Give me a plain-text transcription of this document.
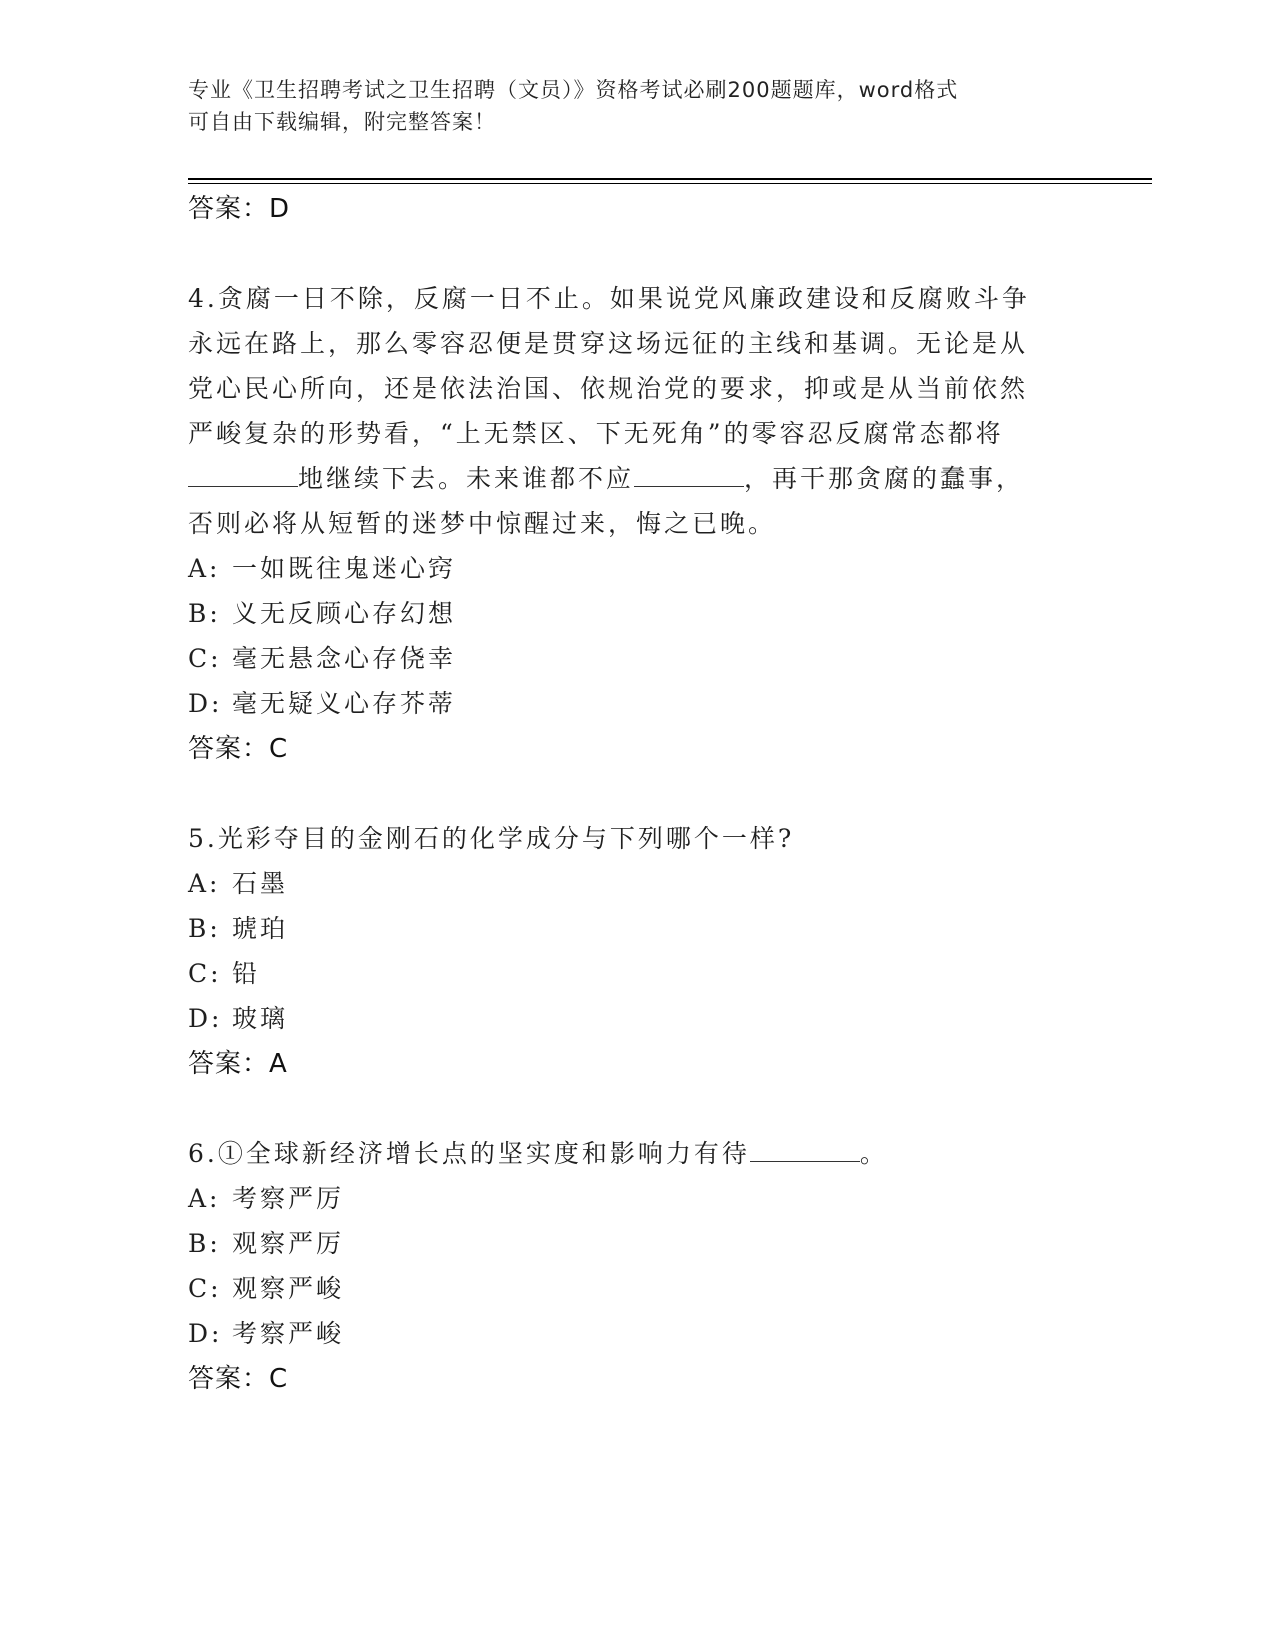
专业《卫生招聘考试之卫生招聘（文员）》资格考试必刷200题题库，word格式
可自由下载编辑，附完整答案！
答案：D
4.贪腐一日不除，反腐一日不止。如果说党风廉政建设和反腐败斗争
永远在路上，那么零容忍便是贯穿这场远征的主线和基调。无论是从
党心民心所向，还是依法治国、依规治党的要求，抑或是从当前依然
严峻复杂的形势看，“上无禁区、下无死角”的零容忍反腐常态都将
地继续下去。未来谁都不应	，再干那贪腐的蠢事，
否则必将从短暂的迷梦中惊醒过来，悔之已晚。
A: 一如既往鬼迷心窍
B: 义无反顾心存幻想
C: 毫无悬念心存侥幸
D: 毫无疑义心存芥蒂
答案：C
5.光彩夺目的金刚石的化学成分与下列哪个一样?
A: 石墨
B: 琥珀
C: 铅
D: 玻璃
答案：A
6.①全球新经济增长点的坚实度和影响力有待	。
A: 考察严厉
B: 观察严厉
C: 观察严峻
D: 考察严峻
答案：C
